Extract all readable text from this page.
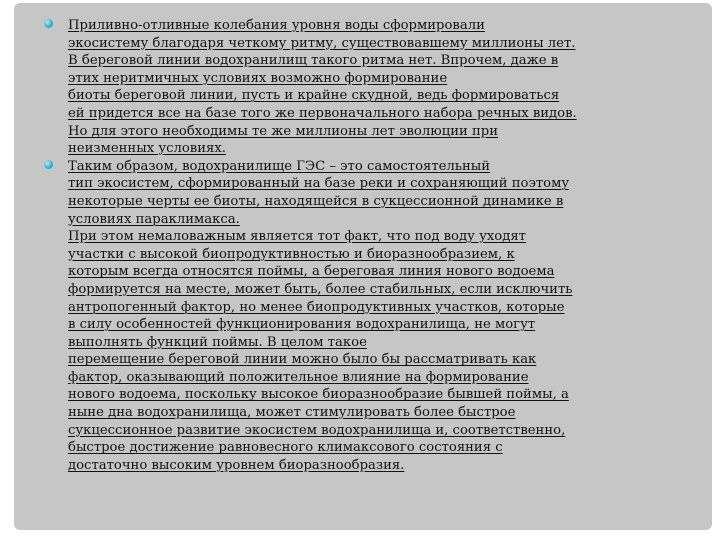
Приливно-отливные колебания уровня воды сформировали
экосистему благодаря четкому ритму, существовавшему миллионы лет.
В береговой линии водохранилищ такого ритма нет. Впрочем, даже в
этих неритмичных условиях возможно формирование
биоты береговой линии, пусть и крайне скудной, ведь формироваться
ей придется все на базе того же первоначального набора речных видов.
Но для этого необходимы те же миллионы лет эволюции при
неизменных условиях.
Таким образом, водохранилище ГЭС – это самостоятельный
тип экосистем, сформированный на базе реки и сохраняющий поэтому
некоторые черты ее биоты, находящейся в сукцессионной динамике в
условиях параклимакса.
При этом немаловажным является тот факт, что под воду уходят
участки с высокой биопродуктивностью и биоразнообразием, к
которым всегда относятся поймы, а береговая линия нового водоема
формируется на месте, может быть, более стабильных, если исключить
антропогенный фактор, но менее биопродуктивных участков, которые
в силу особенностей функционирования водохранилища, не могут
выполнять функций поймы. В целом такое
перемещение береговой линии можно было бы рассматривать как
фактор, оказывающий положительное влияние на формирование
нового водоема, поскольку высокое биоразнообразие бывшей поймы, а
ныне дна водохранилища, может стимулировать более быстрое
сукцессионное развитие экосистем водохранилища и, соответственно,
быстрое достижение равновесного климаксового состояния с
достаточно высоким уровнем биоразнообразия.
